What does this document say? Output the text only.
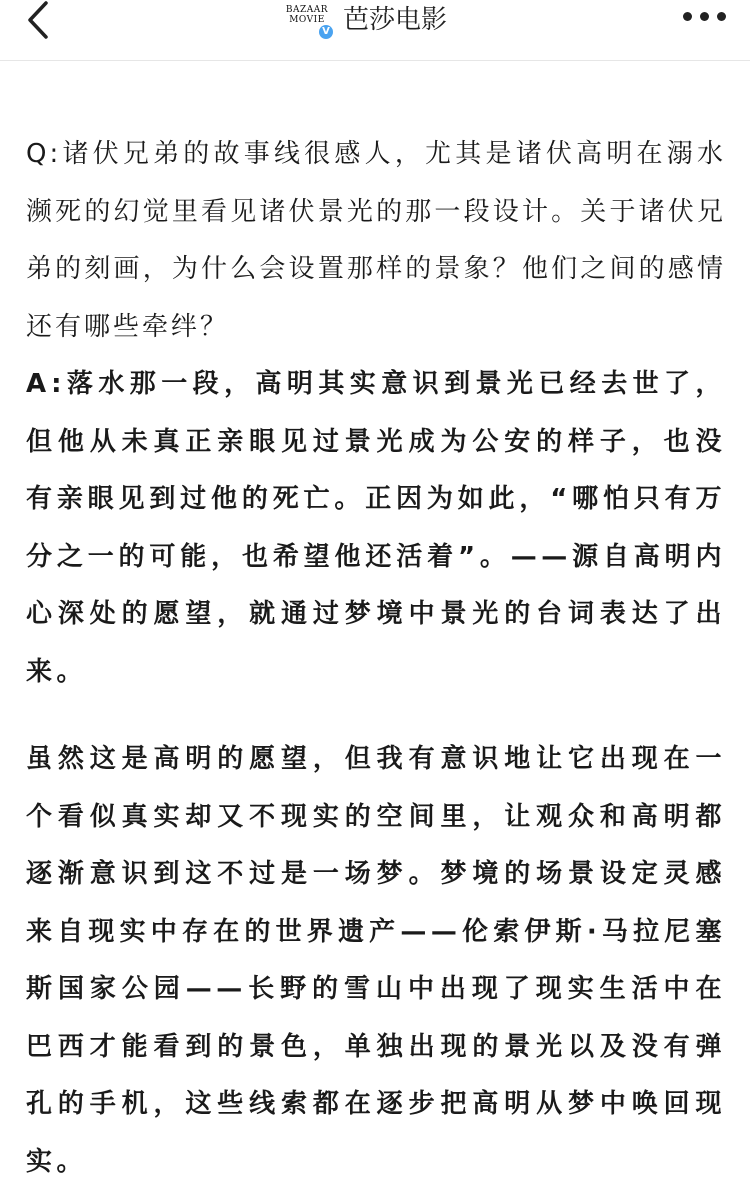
BAZAAR
MOVIE
V 芭莎电影

Q:诸伏兄弟的故事线很感人，尤其是诸伏高明在溺水濒死的幻觉里看见诸伏景光的那一段设计。关于诸伏兄弟的刻画，为什么会设置那样的景象？他们之间的感情还有哪些牵绊？

A:落水那一段，高明其实意识到景光已经去世了，但他从未真正亲眼见过景光成为公安的样子，也没有亲眼见到过他的死亡。正因为如此，“哪怕只有万分之一的可能，也希望他还活着”。——源自高明内心深处的愿望，就通过梦境中景光的台词表达了出来。

虽然这是高明的愿望，但我有意识地让它出现在一个看似真实却又不现实的空间里，让观众和高明都逐渐意识到这不过是一场梦。梦境的场景设定灵感来自现实中存在的世界遗产——伦索伊斯·马拉尼塞斯国家公园——长野的雪山中出现了现实生活中在巴西才能看到的景色，单独出现的景光以及没有弹孔的手机，这些线索都在逐步把高明从梦中唤回现实。
